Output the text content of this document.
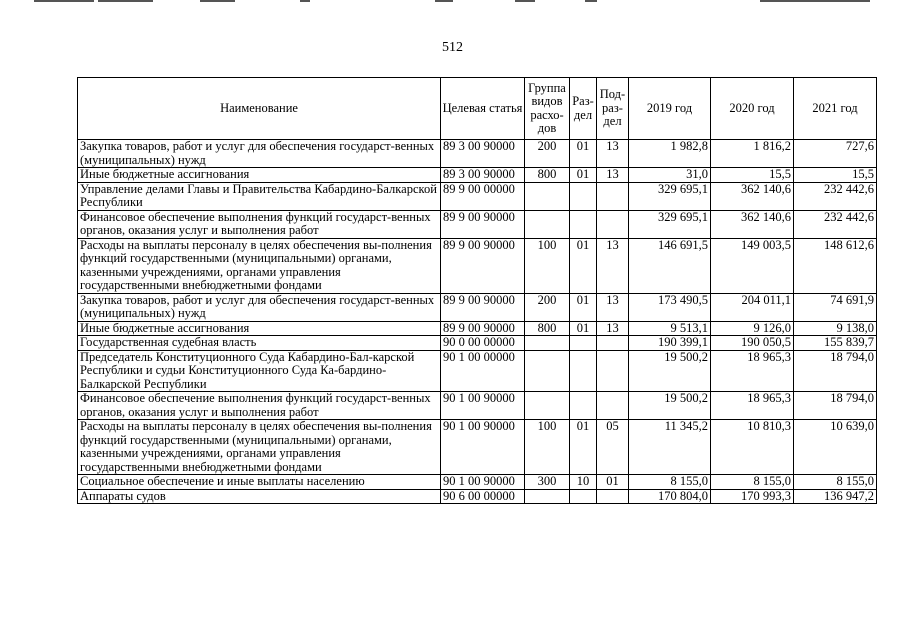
512
Наименование	Целевая статья	Группа видов расхо- дов	Раз- дел	Под- раз- дел	2019 год	2020 год	2021 год
Закупка товаров, работ и услуг для обеспечения государст-венных (муниципальных) нужд	89 3 00 90000	200	01	13	1 982,8	1 816,2	727,6
Иные бюджетные ассигнования	89 3 00 90000	800	01	13	31,0	15,5	15,5
Управление делами Главы и Правительства Кабардино-Балкарской Республики	89 9 00 00000				329 695,1	362 140,6	232 442,6
Финансовое обеспечение выполнения функций государст-венных органов, оказания услуг и выполнения работ	89 9 00 90000				329 695,1	362 140,6	232 442,6
Расходы на выплаты персоналу в целях обеспечения вы-полнения функций государственными (муниципальными) органами, казенными учреждениями, органами управления государственными внебюджетными фондами	89 9 00 90000	100	01	13	146 691,5	149 003,5	148 612,6
Закупка товаров, работ и услуг для обеспечения государст-венных (муниципальных) нужд	89 9 00 90000	200	01	13	173 490,5	204 011,1	74 691,9
Иные бюджетные ассигнования	89 9 00 90000	800	01	13	9 513,1	9 126,0	9 138,0
Государственная судебная власть	90 0 00 00000				190 399,1	190 050,5	155 839,7
Председатель Конституционного Суда Кабардино-Бал-карской Республики и судьи Конституционного Суда Ка-бардино-Балкарской Республики	90 1 00 00000				19 500,2	18 965,3	18 794,0
Финансовое обеспечение выполнения функций государст-венных органов, оказания услуг и выполнения работ	90 1 00 90000				19 500,2	18 965,3	18 794,0
Расходы на выплаты персоналу в целях обеспечения вы-полнения функций государственными (муниципальными) органами, казенными учреждениями, органами управления государственными внебюджетными фондами	90 1 00 90000	100	01	05	11 345,2	10 810,3	10 639,0
Социальное обеспечение и иные выплаты населению	90 1 00 90000	300	10	01	8 155,0	8 155,0	8 155,0
Аппараты судов	90 6 00 00000				170 804,0	170 993,3	136 947,2
